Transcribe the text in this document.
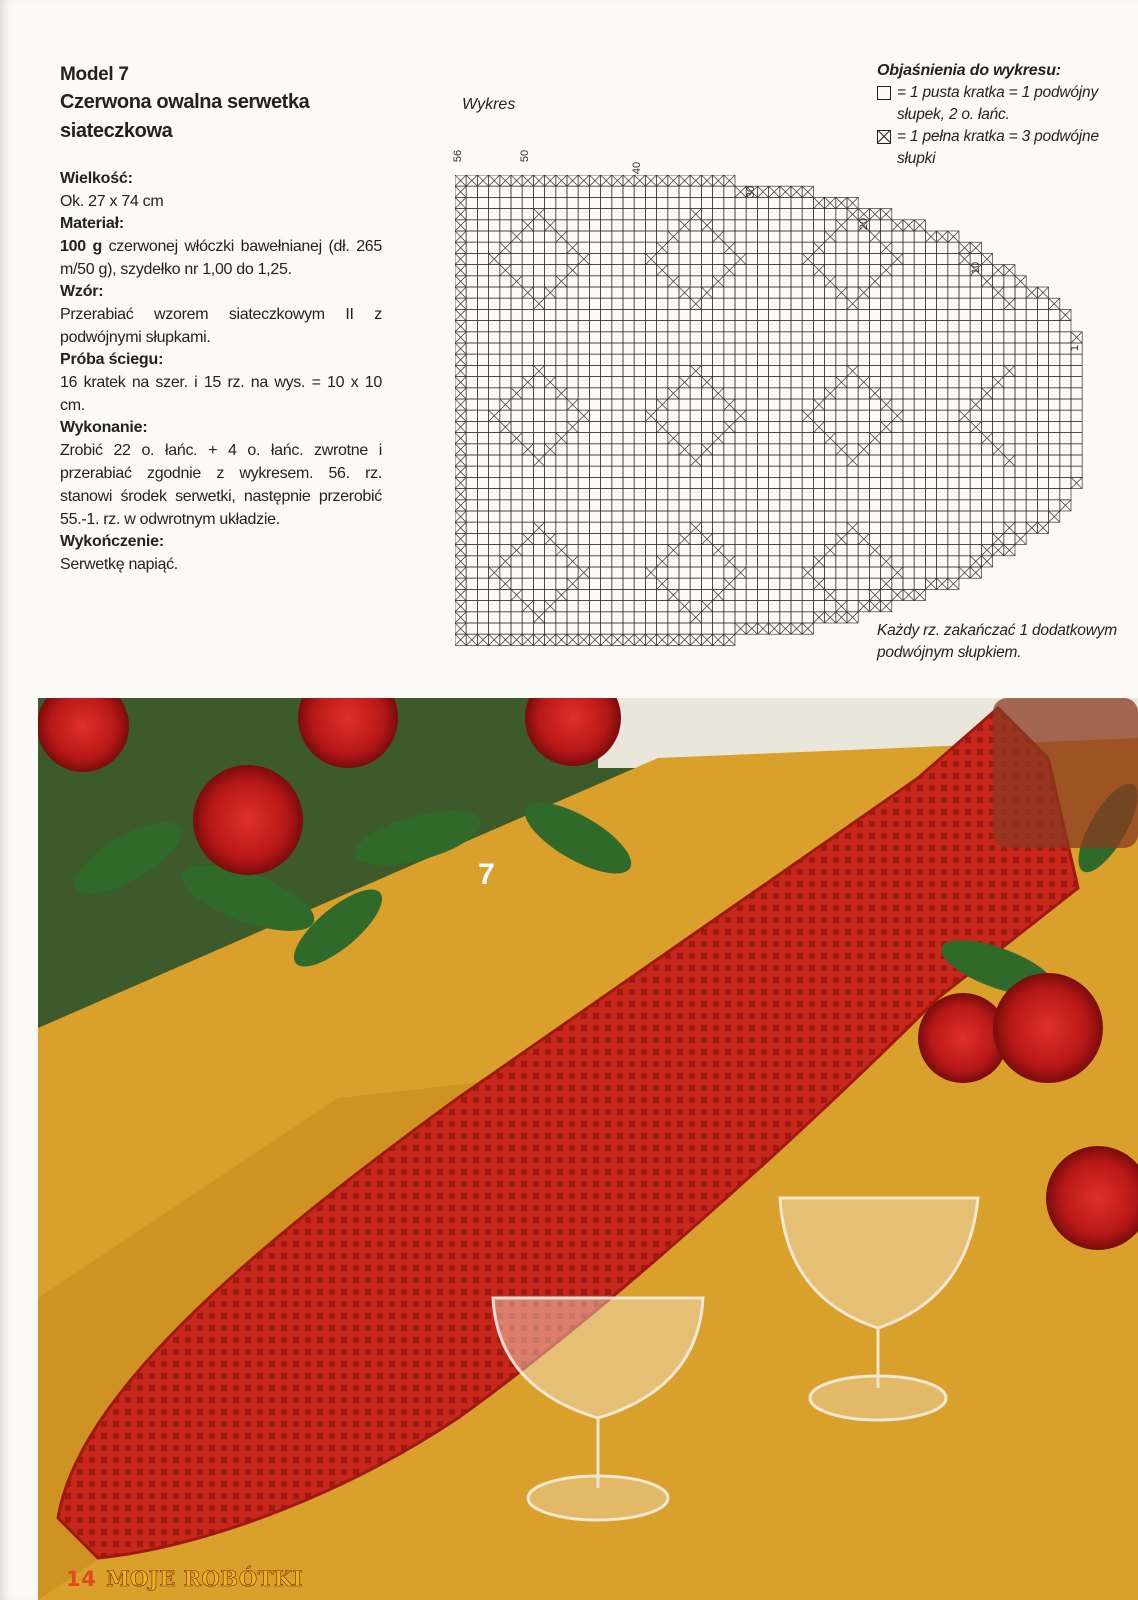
Model 7

Czerwona owalna serwetka
siateczkowa

Wielkość:

Ok. 27 x 74 cm

Materiał:

100 g czerwonej włóczki bawełnianej (dł. 265 m/50 g), szydełko nr 1,00 do 1,25.

Wzór:

Przerabiać wzorem siateczkowym II z podwójnymi słupkami.

Próba ściegu:

16 kratek na szer. i 15 rz. na wys. = 10 x 10 cm.

Wykonanie:

Zrobić 22 o. łańc. + 4 o. łańc. zwrotne i przerabiać zgodnie z wykresem. 56. rz. stanowi środek serwetki, następnie przerobić 55.-1. rz. w odwrotnym układzie.

Wykończenie:

Serwetkę napiąć.

Wykres
56	50
40
30
20
10
1

Objaśnienia do wykresu:

= 1 pusta kratka = 1 podwójny słupek, 2 o. łańc.

= 1 pełna kratka = 3 podwójne słupki

Każdy rz. zakańczać 1 dodatkowym podwójnym słupkiem.
7
14 MOJE ROBÓTKI
